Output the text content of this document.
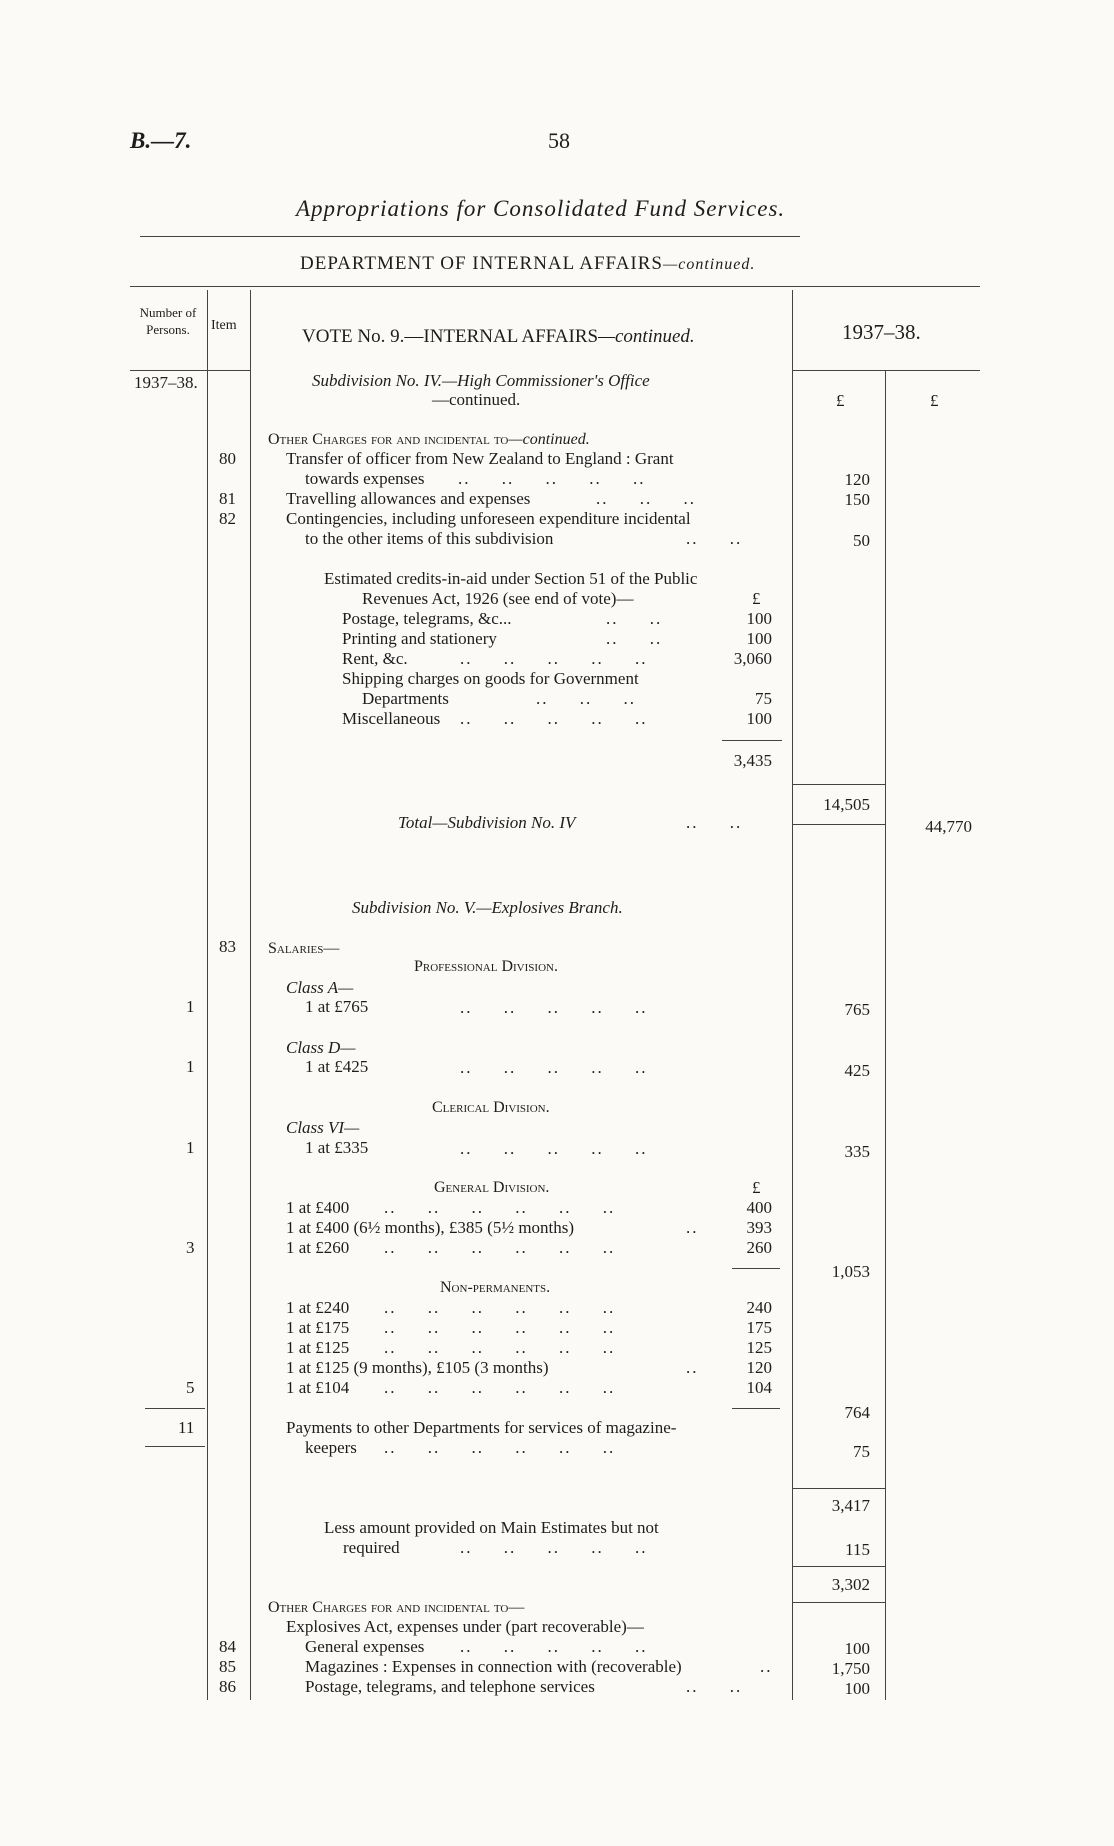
B.—7.	58
Appropriations for Consolidated Fund Services.
DEPARTMENT OF INTERNAL AFFAIRS—continued.
Number of Persons.	Item
VOTE No. 9.—INTERNAL AFFAIRS—continued.	1937–38.
1937–38.
£	£
Subdivision No. IV.—High Commissioner's Office
—continued.
Other Charges for and incidental to—continued.
80	Transfer of officer from New Zealand to England : Grant
towards expenses ..     ..     ..     ..     ..	120
81	Travelling allowances and expenses	..     ..     ..	150
82	Contingencies, including unforeseen expenditure incidental
to the other items of this subdivision	..     ..	50
Estimated credits-in-aid under Section 51 of the Public
Revenues Act, 1926 (see end of vote)—	£
Postage, telegrams, &c...	..     ..	100
Printing and stationery	..     ..	100
Rent, &c.	..     ..     ..     ..     ..	3,060
Shipping charges on goods for Government
Departments	..     ..     ..	75
Miscellaneous ..     ..     ..     ..     ..	100
3,435
14,505
Total—Subdivision No. IV	..     ..	44,770
Subdivision No. V.—Explosives Branch.
83 Salaries—
Professional Division.
Class A—
1	1 at £765	..     ..     ..     ..     ..	765
Class D—
1	1 at £425	..     ..     ..     ..     ..	425
Clerical Division.
Class VI—
1	1 at £335	..     ..     ..     ..     ..	335
General Division.	£
1 at £400 ..     ..     ..     ..     ..     ..	400
1 at £400 (6½ months), £385 (5½ months)	..	393
3	1 at £260 ..     ..     ..     ..     ..     ..	260
1,053
Non-permanents.
1 at £240 ..     ..     ..     ..     ..     ..	240
1 at £175 ..     ..     ..     ..     ..     ..	175
1 at £125 ..     ..     ..     ..     ..     ..	125
1 at £125 (9 months), £105 (3 months)	..	120
5	1 at £104 ..     ..     ..     ..     ..     ..	104
764
11	Payments to other Departments for services of magazine-
keepers ..     ..     ..     ..     ..     ..	75
3,417
Less amount provided on Main Estimates but not
required	..     ..     ..     ..     ..	115
3,302
Other Charges for and incidental to—
Explosives Act, expenses under (part recoverable)—
84	General expenses ..     ..     ..     ..     ..	100
85	Magazines : Expenses in connection with (recoverable)	..	1,750
86	Postage, telegrams, and telephone services	..     ..	100
